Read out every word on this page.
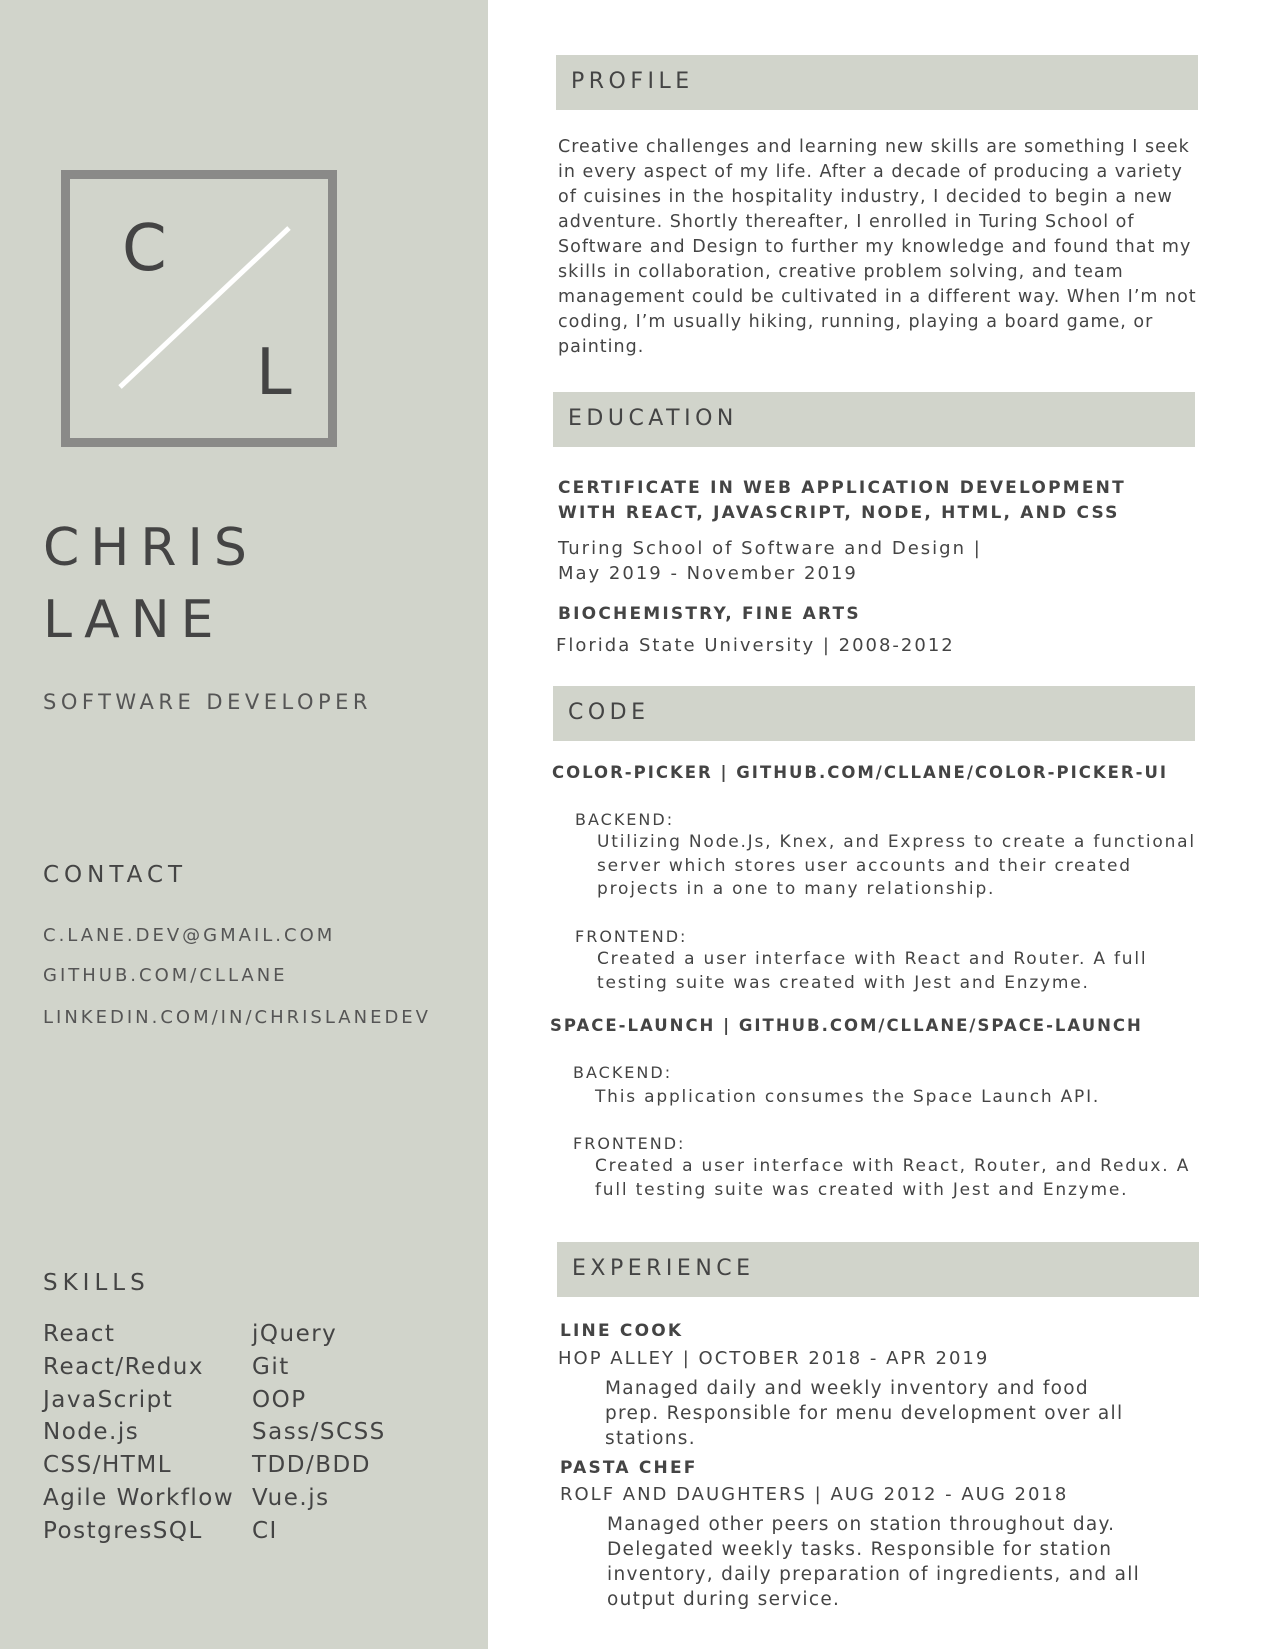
C
L
CHRIS
LANE
SOFTWARE DEVELOPER
CONTACT
C.LANE.DEV@GMAIL.COM
GITHUB.COM/CLLANE
LINKEDIN.COM/IN/CHRISLANEDEV
SKILLS
React
React/Redux
JavaScript
Node.js
CSS/HTML
Agile Workflow
PostgresSQL
jQuery
Git
OOP
Sass/SCSS
TDD/BDD
Vue.js
CI
PROFILE
Creative challenges and learning new skills are something I seek in every aspect of my life. After a decade of producing a variety of cuisines in the hospitality industry, I decided to begin a new adventure. Shortly thereafter, I enrolled in Turing School of Software and Design to further my knowledge and found that my skills in collaboration, creative problem solving, and team management could be cultivated in a different way. When I’m not coding, I’m usually hiking, running, playing a board game, or painting.
EDUCATION
CERTIFICATE IN WEB APPLICATION DEVELOPMENT WITH REACT, JAVASCRIPT, NODE, HTML, AND CSS
Turing School of Software and Design |
May 2019 - November 2019
BIOCHEMISTRY, FINE ARTS
Florida State University | 2008-2012
CODE
COLOR-PICKER | GITHUB.COM/CLLANE/COLOR-PICKER-UI
BACKEND:
Utilizing Node.Js, Knex, and Express to create a functional server which stores user accounts and their created projects in a one to many relationship.
FRONTEND:
Created a user interface with React and Router. A full testing suite was created with Jest and Enzyme.
SPACE-LAUNCH | GITHUB.COM/CLLANE/SPACE-LAUNCH
BACKEND:
This application consumes the Space Launch API.
FRONTEND:
Created a user interface with React, Router, and Redux. A full testing suite was created with Jest and Enzyme.
EXPERIENCE
LINE COOK
HOP ALLEY | OCTOBER 2018 - APR 2019
Managed daily and weekly inventory and food prep. Responsible for menu development over all stations.
PASTA CHEF
ROLF AND DAUGHTERS | AUG 2012 - AUG 2018
Managed other peers on station throughout day. Delegated weekly tasks. Responsible for station inventory, daily preparation of ingredients, and all output during service.
